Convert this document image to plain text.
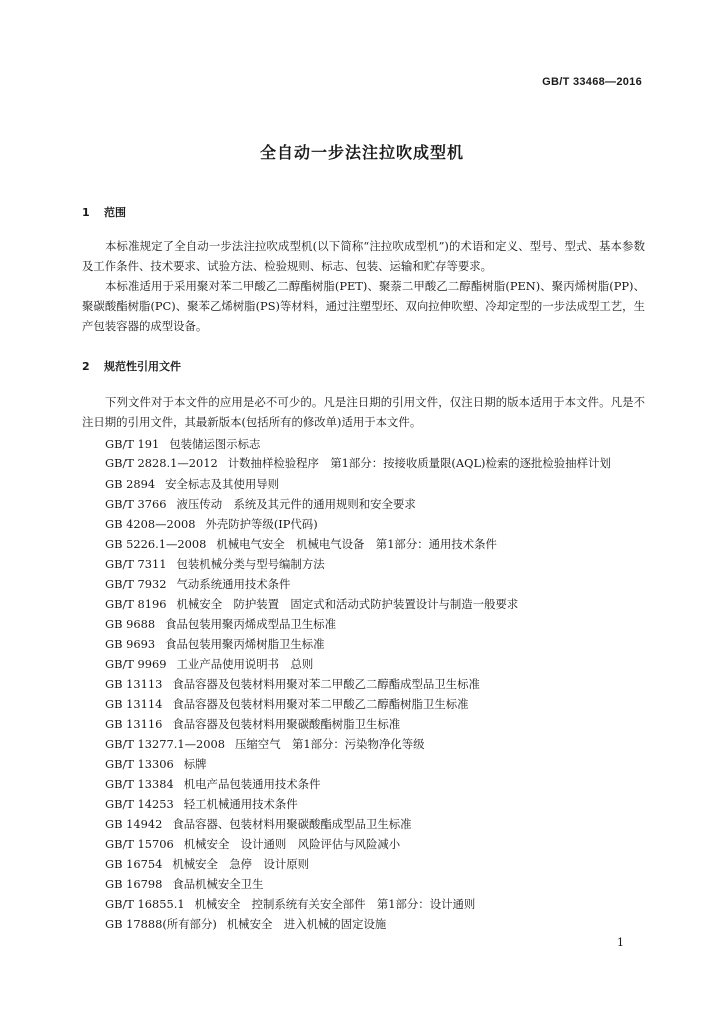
GB/T 33468—2016
全自动一步法注拉吹成型机
1 范围

本标准规定了全自动一步法注拉吹成型机(以下简称“注拉吹成型机”)的术语和定义、型号、型式、基本参数及工作条件、技术要求、试验方法、检验规则、标志、包装、运输和贮存等要求。

本标准适用于采用聚对苯二甲酸乙二醇酯树脂(PET)、聚萘二甲酸乙二醇酯树脂(PEN)、聚丙烯树脂(PP)、聚碳酸酯树脂(PC)、聚苯乙烯树脂(PS)等材料，通过注塑型坯、双向拉伸吹塑、冷却定型的一步法成型工艺，生产包装容器的成型设备。

2 规范性引用文件

下列文件对于本文件的应用是必不可少的。凡是注日期的引用文件，仅注日期的版本适用于本文件。凡是不注日期的引用文件，其最新版本(包括所有的修改单)适用于本文件。

GB/T 191 包装储运图示标志
GB/T 2828.1—2012 计数抽样检验程序　第1部分：按接收质量限(AQL)检索的逐批检验抽样计划
GB 2894 安全标志及其使用导则
GB/T 3766 液压传动　系统及其元件的通用规则和安全要求
GB 4208—2008 外壳防护等级(IP代码)
GB 5226.1—2008 机械电气安全　机械电气设备　第1部分：通用技术条件
GB/T 7311 包装机械分类与型号编制方法
GB/T 7932 气动系统通用技术条件
GB/T 8196 机械安全　防护装置　固定式和活动式防护装置设计与制造一般要求
GB 9688 食品包装用聚丙烯成型品卫生标准
GB 9693 食品包装用聚丙烯树脂卫生标准
GB/T 9969 工业产品使用说明书　总则
GB 13113 食品容器及包装材料用聚对苯二甲酸乙二醇酯成型品卫生标准
GB 13114 食品容器及包装材料用聚对苯二甲酸乙二醇酯树脂卫生标准
GB 13116 食品容器及包装材料用聚碳酸酯树脂卫生标准
GB/T 13277.1—2008 压缩空气　第1部分：污染物净化等级
GB/T 13306 标牌
GB/T 13384 机电产品包装通用技术条件
GB/T 14253 轻工机械通用技术条件
GB 14942 食品容器、包装材料用聚碳酸酯成型品卫生标准
GB/T 15706 机械安全　设计通则　风险评估与风险减小
GB 16754 机械安全　急停　设计原则
GB 16798 食品机械安全卫生
GB/T 16855.1 机械安全　控制系统有关安全部件　第1部分：设计通则
GB 17888(所有部分) 机械安全　进入机械的固定设施
1
